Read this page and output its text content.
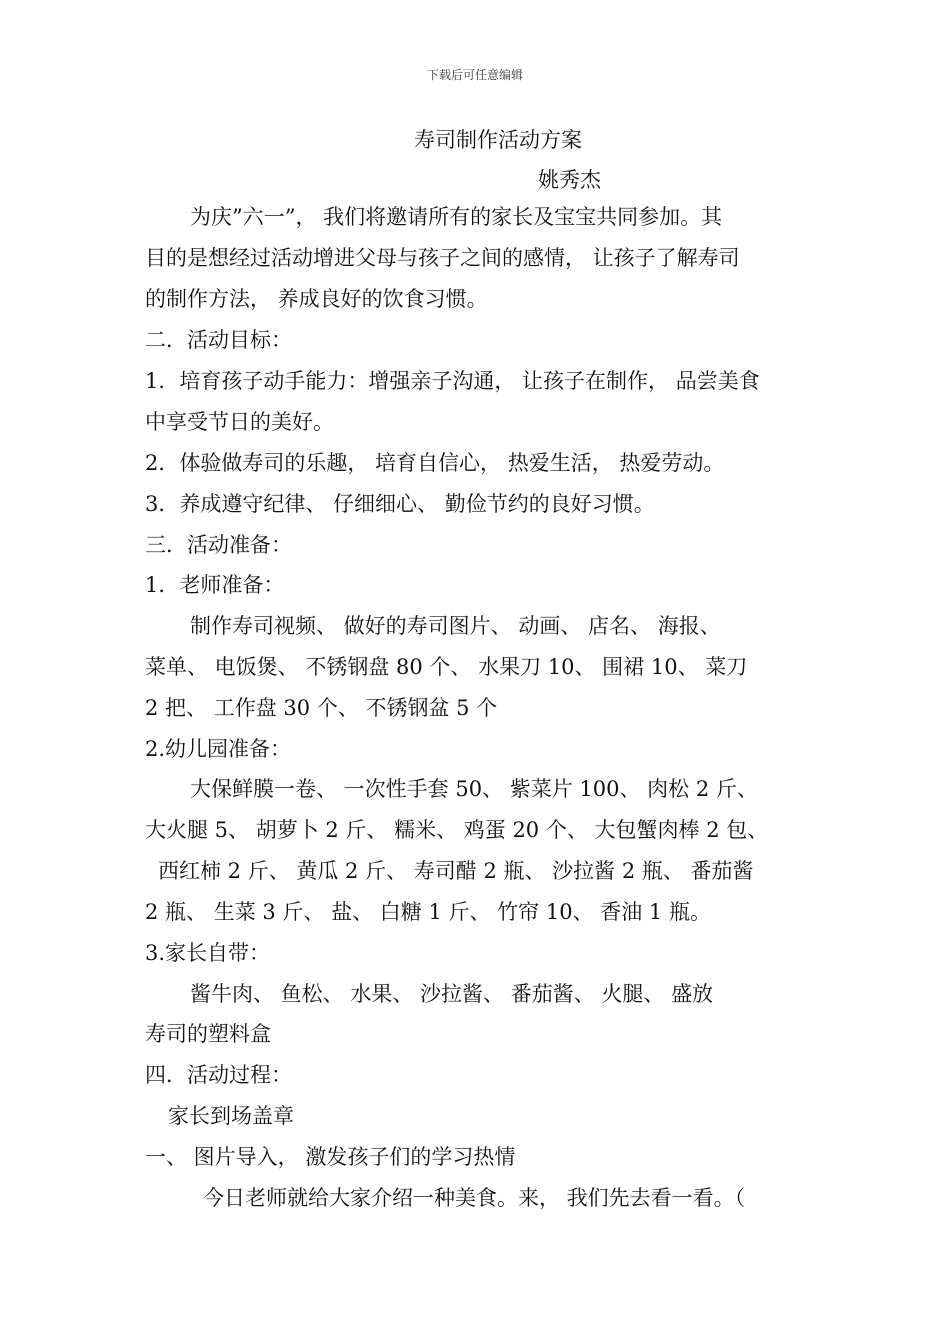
下载后可任意编辑
寿司制作活动方案
姚秀杰
为庆”六一”， 我们将邀请所有的家长及宝宝共同参加。其
目的是想经过活动增进父母与孩子之间的感情， 让孩子了解寿司
的制作方法， 养成良好的饮食习惯。
二．活动目标：
1．培育孩子动手能力：增强亲子沟通， 让孩子在制作， 品尝美食
中享受节日的美好。
2．体验做寿司的乐趣， 培育自信心， 热爱生活， 热爱劳动。
3．养成遵守纪律、 仔细细心、 勤俭节约的良好习惯。
三．活动准备：
1．老师准备：
制作寿司视频、 做好的寿司图片、 动画、 店名、 海报、
菜单、 电饭煲、 不锈钢盘 80 个、 水果刀 10、 围裙 10、 菜刀
2 把、 工作盘 30 个、 不锈钢盆 5 个
2.幼儿园准备：
大保鲜膜一卷、 一次性手套 50、 紫菜片 100、 肉松 2 斤、
大火腿 5、 胡萝卜 2 斤、 糯米、 鸡蛋 20 个、 大包蟹肉棒 2 包、
西红柿 2 斤、 黄瓜 2 斤、 寿司醋 2 瓶、 沙拉酱 2 瓶、 番茄酱
2 瓶、 生菜 3 斤、 盐、 白糖 1 斤、 竹帘 10、 香油 1 瓶。
3.家长自带：
酱牛肉、 鱼松、 水果、 沙拉酱、 番茄酱、 火腿、 盛放
寿司的塑料盒
四．活动过程：
家长到场盖章
一、 图片导入， 激发孩子们的学习热情
今日老师就给大家介绍一种美食。来， 我们先去看一看。（
